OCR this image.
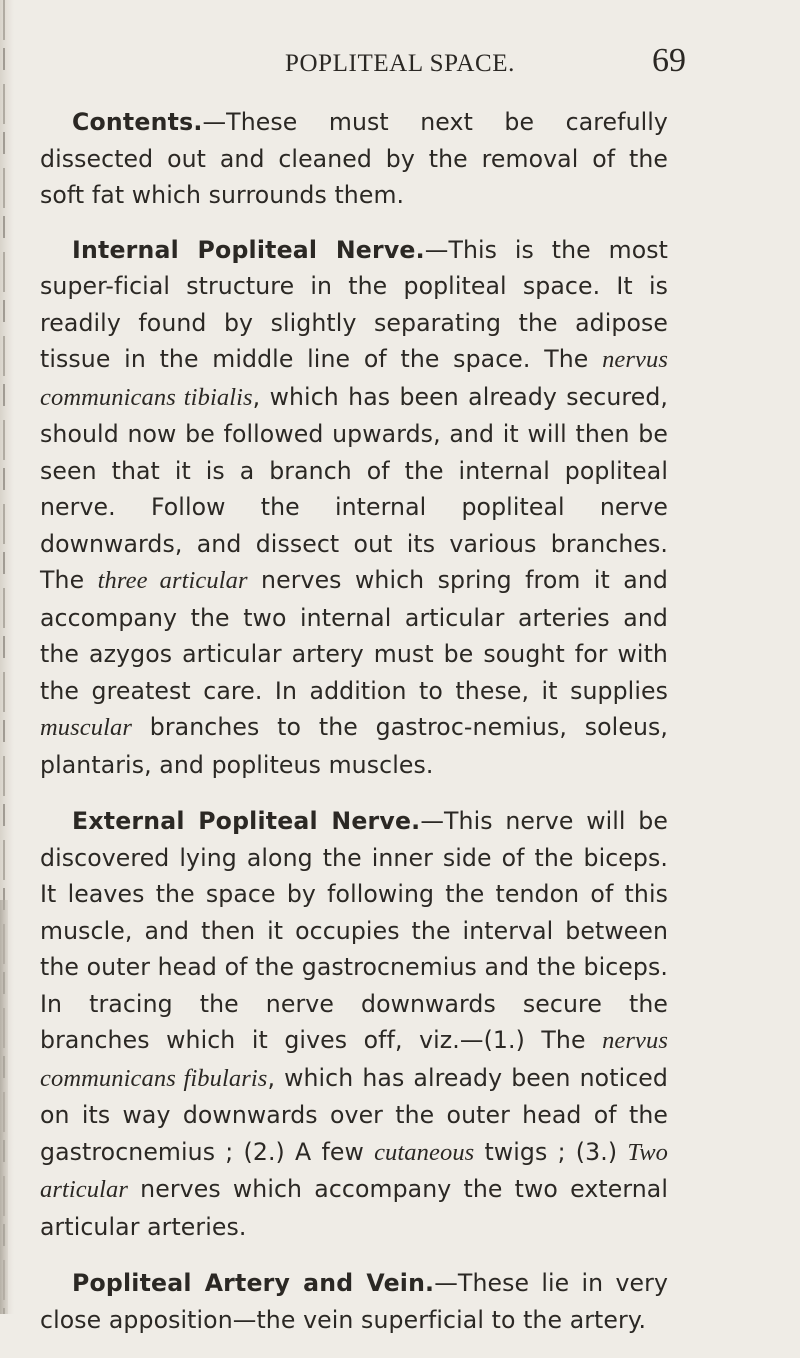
POPLITEAL SPACE.	69

Contents.—These must next be carefully dissected out and cleaned by the removal of the soft fat which surrounds them.

Internal Popliteal Nerve.—This is the most super-ficial structure in the popliteal space. It is readily found by slightly separating the adipose tissue in the middle line of the space. The nervus communicans tibialis, which has been already secured, should now be followed upwards, and it will then be seen that it is a branch of the internal popliteal nerve. Follow the internal popliteal nerve downwards, and dissect out its various branches. The three articular nerves which spring from it and accompany the two internal articular arteries and the azygos articular artery must be sought for with the greatest care. In addition to these, it supplies muscular branches to the gastroc-nemius, soleus, plantaris, and popliteus muscles.

External Popliteal Nerve.—This nerve will be discovered lying along the inner side of the biceps. It leaves the space by following the tendon of this muscle, and then it occupies the interval between the outer head of the gastrocnemius and the biceps. In tracing the nerve downwards secure the branches which it gives off, viz.—(1.) The nervus communicans fibularis, which has already been noticed on its way downwards over the outer head of the gastrocnemius ; (2.) A few cutaneous twigs ; (3.) Two articular nerves which accompany the two external articular arteries.

Popliteal Artery and Vein.—These lie in very close apposition—the vein superficial to the artery.
